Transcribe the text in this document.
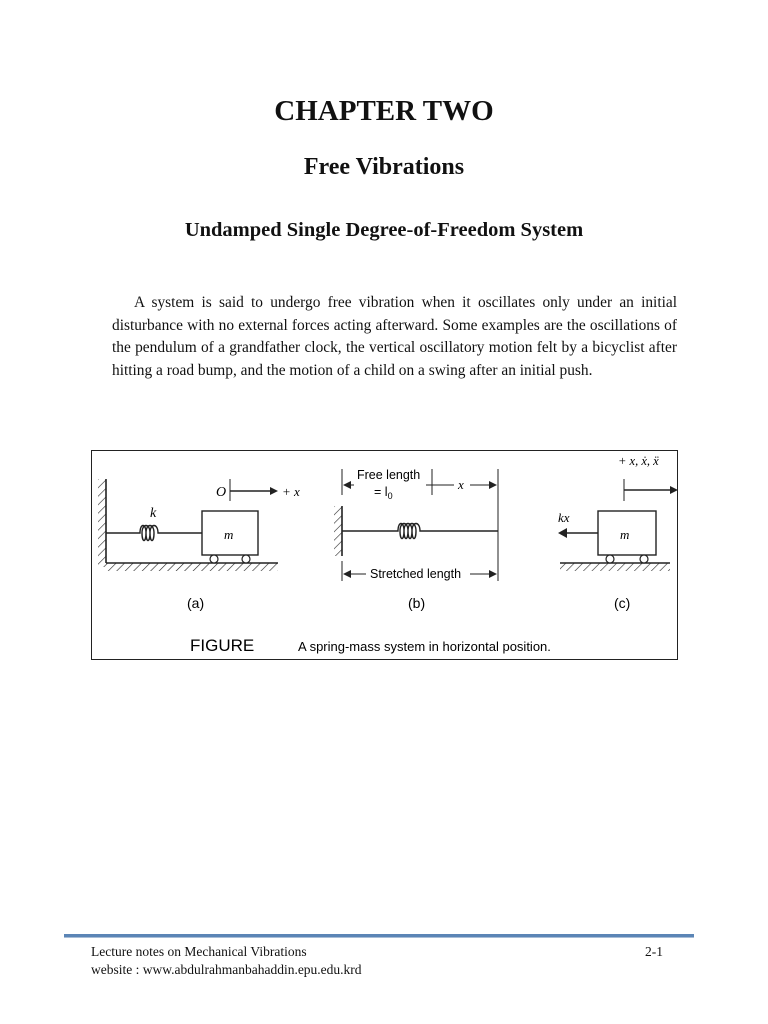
CHAPTER TWO
Free Vibrations
Undamped Single Degree-of-Freedom System

A system is said to undergo free vibration when it oscillates only under an initial disturbance with no external forces acting afterward. Some examples are the oscillations of the pendulum of a grandfather clock, the vertical oscillatory motion felt by a bicyclist after hitting a road bump, and the motion of a child on a swing after an initial push.

k
m
O	+ x
(a)
Free length
= $l_0$
x
Stretched length
(b)
kx
m
+ x, ẋ, ẍ
(c)
FIGURE	A spring-mass system in horizontal position.
Lecture notes on Mechanical Vibrations
website : www.abdulrahmanbahaddin.epu.edu.krd
2-1
